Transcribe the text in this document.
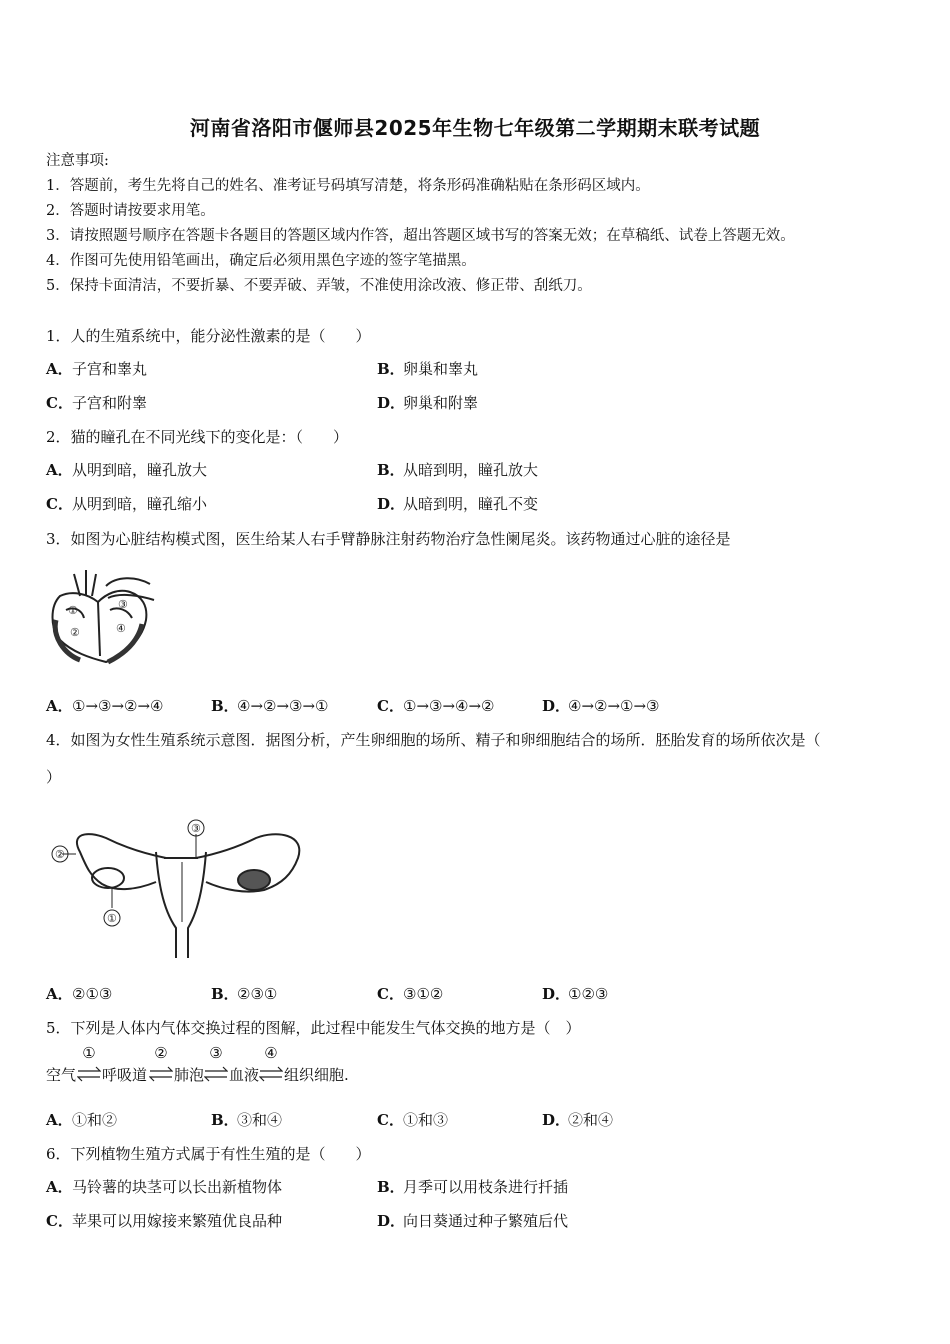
河南省洛阳市偃师县2025年生物七年级第二学期期末联考试题
注意事项:
1．答题前，考生先将自己的姓名、准考证号码填写清楚，将条形码准确粘贴在条形码区域内。
2．答题时请按要求用笔。
3．请按照题号顺序在答题卡各题目的答题区域内作答，超出答题区域书写的答案无效；在草稿纸、试卷上答题无效。
4．作图可先使用铅笔画出，确定后必须用黑色字迹的签字笔描黑。
5．保持卡面清洁，不要折暴、不要弄破、弄皱，不准使用涂改液、修正带、刮纸刀。
1．人的生殖系统中，能分泌性激素的是（　　）
A．子宫和睾丸	B．卵巢和睾丸
C．子宫和附睾	D．卵巢和附睾
2．猫的瞳孔在不同光线下的变化是：（　　）
A．从明到暗，瞳孔放大	B．从暗到明，瞳孔放大
C．从明到暗，瞳孔缩小	D．从暗到明，瞳孔不变
3．如图为心脏结构模式图，医生给某人右手臂静脉注射药物治疗急性阑尾炎。该药物通过心脏的途径是
①
②
③
④
A．①→③→②→④	B．④→②→③→①	C．①→③→④→②	D．④→②→①→③
4．如图为女性生殖系统示意图．据图分析，产生卵细胞的场所、精子和卵细胞结合的场所．胚胎发育的场所依次是（
）
①
②
③
A．②①③	B．②③①	C．③①②	D．①②③
5．下列是人体内气体交换过程的图解，此过程中能发生气体交换的地方是（　）
空气
①
⇌ 呼吸道
②
⇌ 肺泡
③
⇌ 血液
④
⇌ 组织细胞.
A．①和②	B．③和④	C．①和③	D．②和④
6．下列植物生殖方式属于有性生殖的是（　　）
A．马铃薯的块茎可以长出新植物体	B．月季可以用枝条进行扦插
C．苹果可以用嫁接来繁殖优良品种	D．向日葵通过种子繁殖后代
